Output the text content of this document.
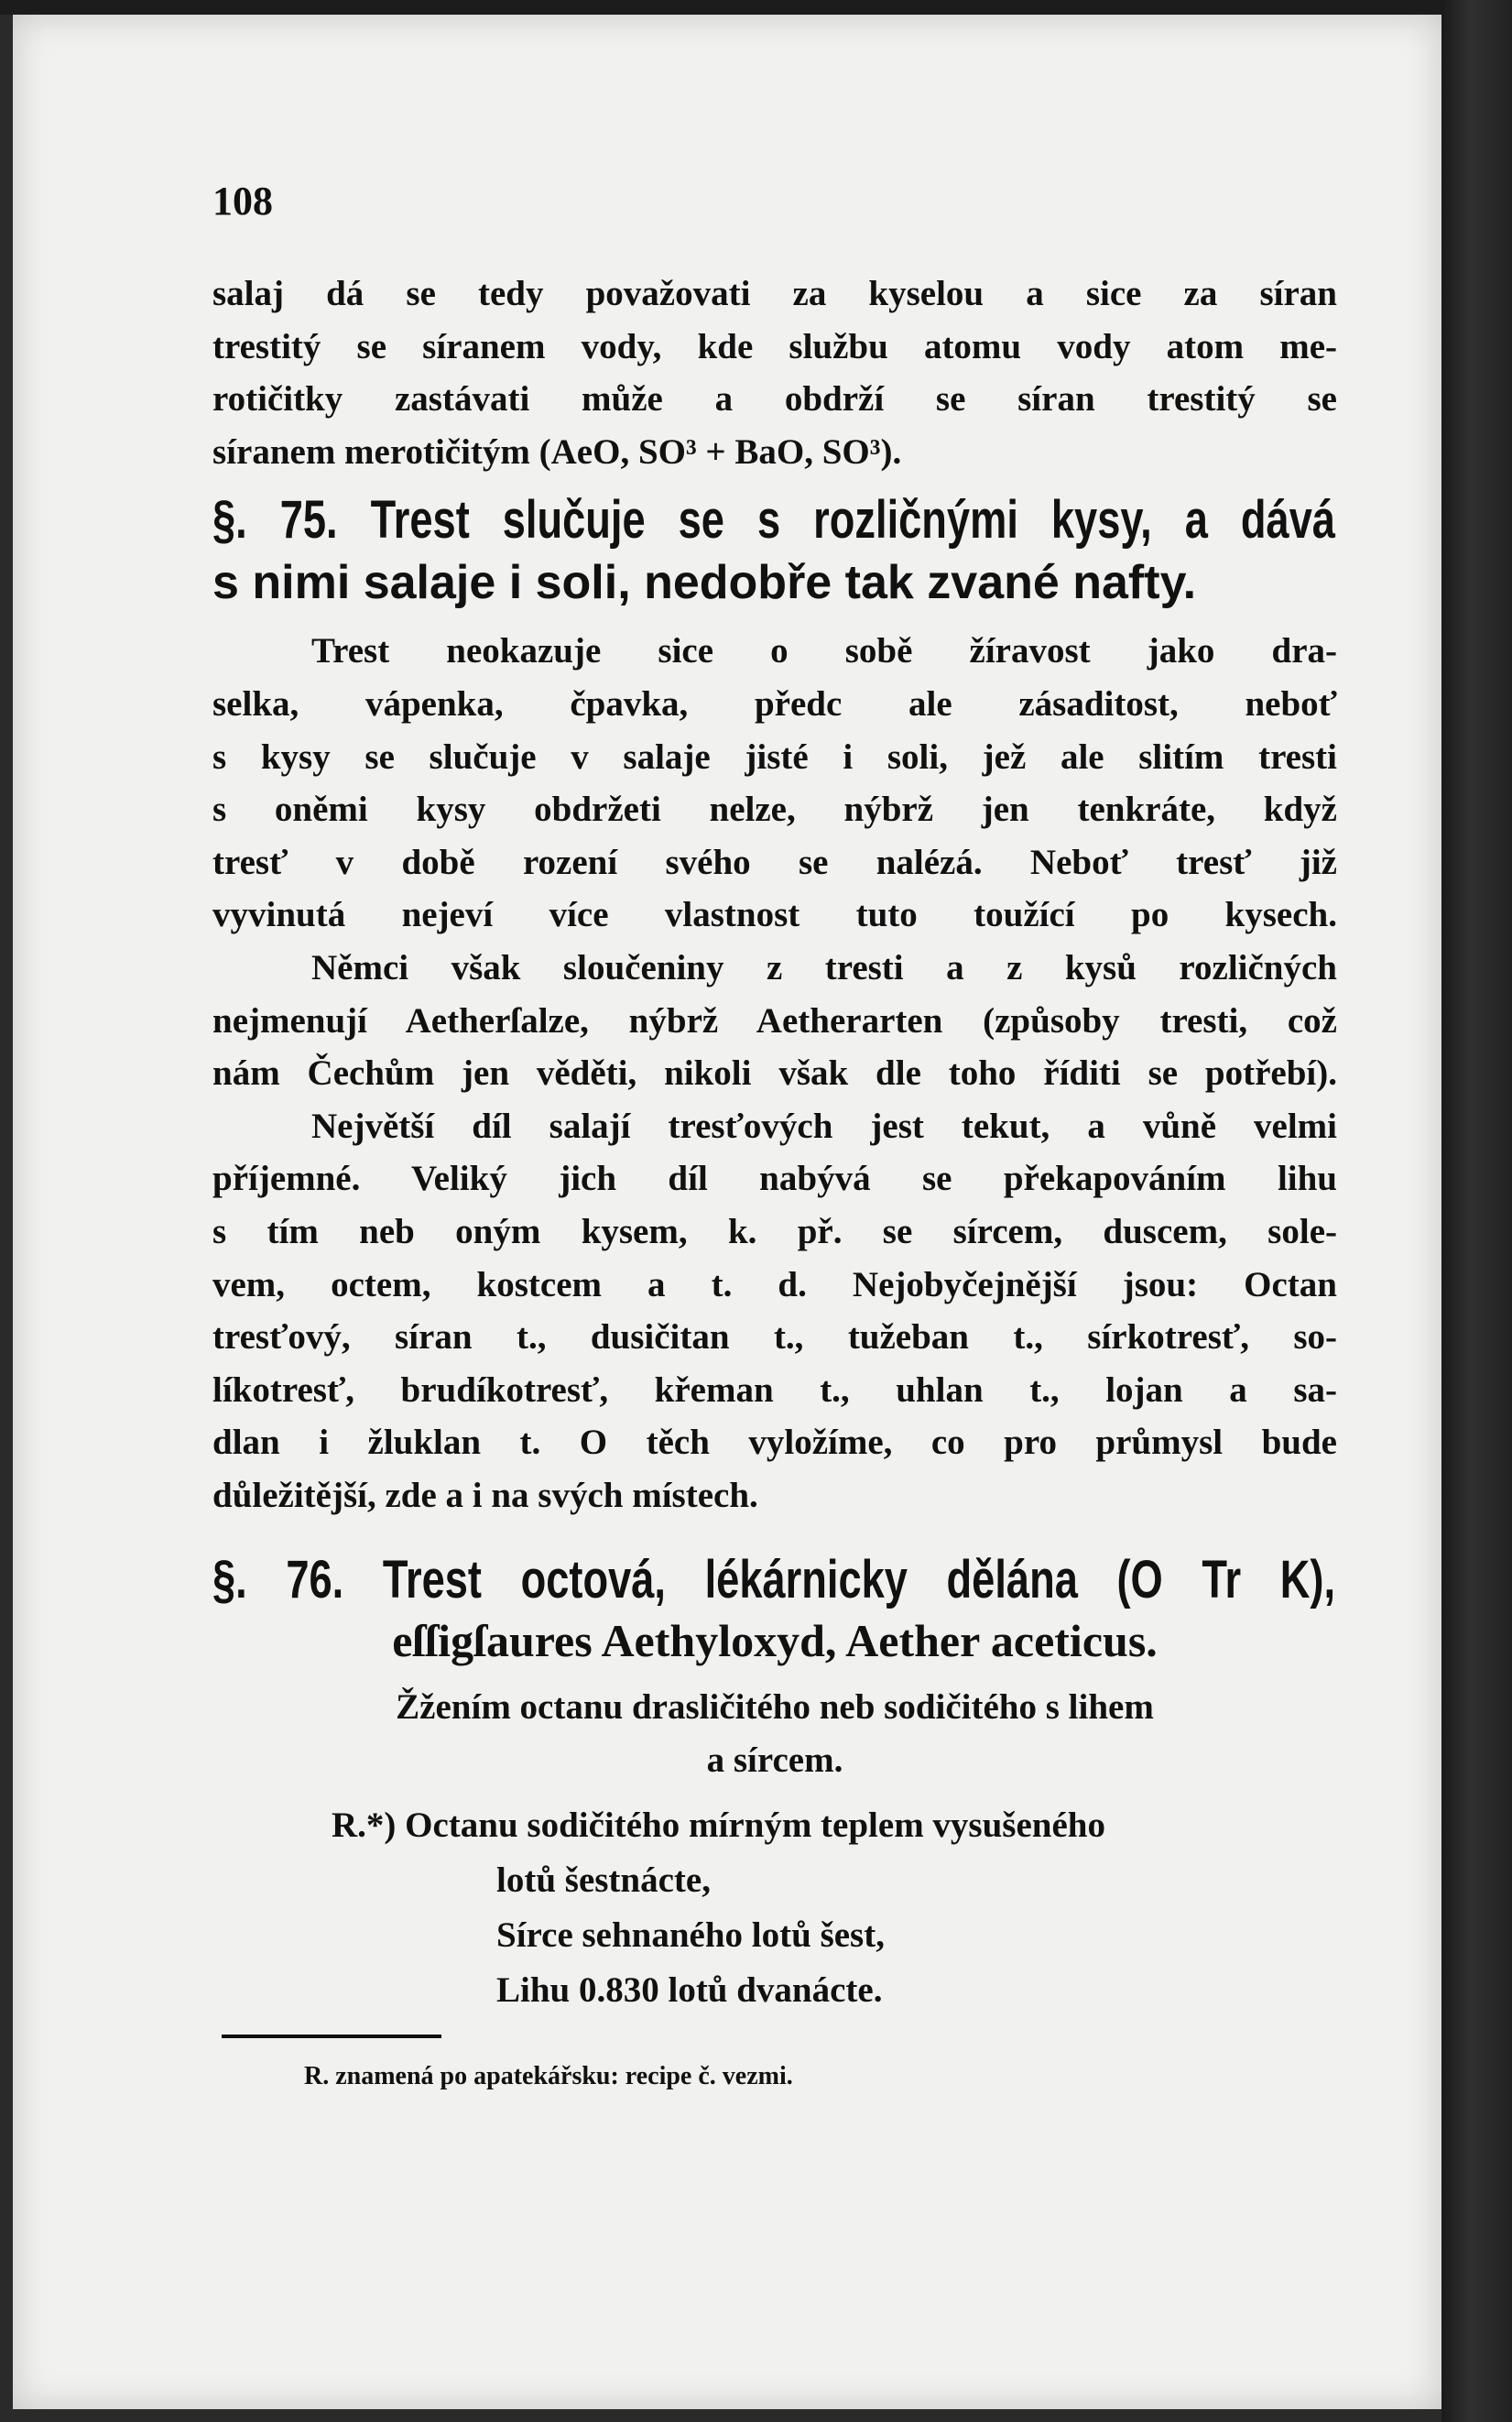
108

salaj dá se tedy považovati za kyselou a sice za síran

trestitý se síranem vody, kde službu atomu vody atom me-

rotičitky zastávati může a obdrží se síran trestitý se

síranem merotičitým (AeO, SO³ + BaO, SO³).

§. 75. Trest slučuje se s rozličnými kysy, a dává

s nimi salaje i soli, nedobře tak zvané nafty.

Trest neokazuje sice o sobě žíravost jako dra-

selka, vápenka, čpavka, předc ale zásaditost, neboť

s kysy se slučuje v salaje jisté i soli, jež ale slitím tresti

s oněmi kysy obdržeti nelze, nýbrž jen tenkráte, když

tresť v době rození svého se nalézá. Neboť tresť již

vyvinutá nejeví více vlastnost tuto toužící po kysech.

Němci však sloučeniny z tresti a z kysů rozličných

nejmenují Aetherſalze, nýbrž Aetherarten (způsoby tresti, což

nám Čechům jen věděti, nikoli však dle toho říditi se potřebí).

Největší díl salají tresťových jest tekut, a vůně velmi

příjemné. Veliký jich díl nabývá se překapováním lihu

s tím neb oným kysem, k. př. se sírcem, duscem, sole-

vem, octem, kostcem a t. d. Nejobyčejnější jsou: Octan

tresťový, síran t., dusičitan t., tužeban t., sírkotresť, so-

líkotresť, brudíkotresť, křeman t., uhlan t., lojan a sa-

dlan i žluklan t. O těch vyložíme, co pro průmysl bude

důležitější, zde a i na svých místech.

§. 76. Trest octová, lékárnicky dělána (O Tr K),

eſſigſaures Aethyloxyd, Aether aceticus.

Žžením octanu drasličitého neb sodičitého s lihem

a sírcem.

R.*) Octanu sodičitého mírným teplem vysušeného

lotů šestnácte,

Sírce sehnaného lotů šest,

Lihu 0.830 lotů dvanácte.

R. znamená po apatekářsku: recipe č. vezmi.
